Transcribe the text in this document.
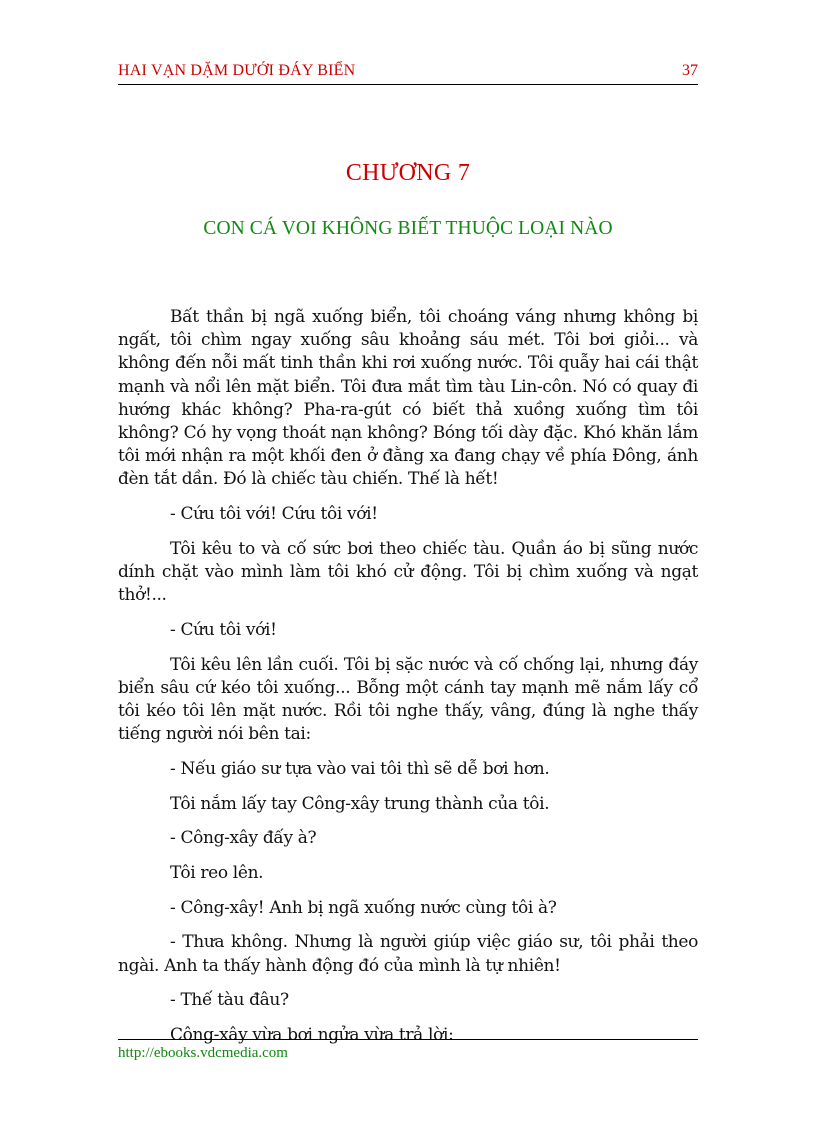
HAI VẠN DẶM DƯỚI ĐÁY BIỂN	37
CHƯƠNG 7
CON CÁ VOI KHÔNG BIẾT THUỘC LOẠI NÀO

Bất thần bị ngã xuống biển, tôi choáng váng nhưng không bị ngất, tôi chìm ngay xuống sâu khoảng sáu mét. Tôi bơi giỏi... và không đến nỗi mất tinh thần khi rơi xuống nước. Tôi quẫy hai cái thật mạnh và nổi lên mặt biển. Tôi đưa mắt tìm tàu Lin-côn. Nó có quay đi hướng khác không? Pha-ra-gút có biết thả xuồng xuống tìm tôi không? Có hy vọng thoát nạn không? Bóng tối dày đặc. Khó khăn lắm tôi mới nhận ra một khối đen ở đằng xa đang chạy về phía Đông, ánh đèn tắt dần. Đó là chiếc tàu chiến. Thế là hết!

- Cứu tôi với! Cứu tôi với!

Tôi kêu to và cố sức bơi theo chiếc tàu. Quần áo bị sũng nước dính chặt vào mình làm tôi khó cử động. Tôi bị chìm xuống và ngạt thở!...

- Cứu tôi với!

Tôi kêu lên lần cuối. Tôi bị sặc nước và cố chống lại, nhưng đáy biển sâu cứ kéo tôi xuống... Bỗng một cánh tay mạnh mẽ nắm lấy cổ tôi kéo tôi lên mặt nước. Rồi tôi nghe thấy, vâng, đúng là nghe thấy tiếng người nói bên tai:

- Nếu giáo sư tựa vào vai tôi thì sẽ dễ bơi hơn.

Tôi nắm lấy tay Công-xây trung thành của tôi.

- Công-xây đấy à?

Tôi reo lên.

- Công-xây! Anh bị ngã xuống nước cùng tôi à?

- Thưa không. Nhưng là người giúp việc giáo sư, tôi phải theo ngài. Anh ta thấy hành động đó của mình là tự nhiên!

- Thế tàu đâu?

Công-xây vừa bơi ngửa vừa trả lời:

http://ebooks.vdcmedia.com
